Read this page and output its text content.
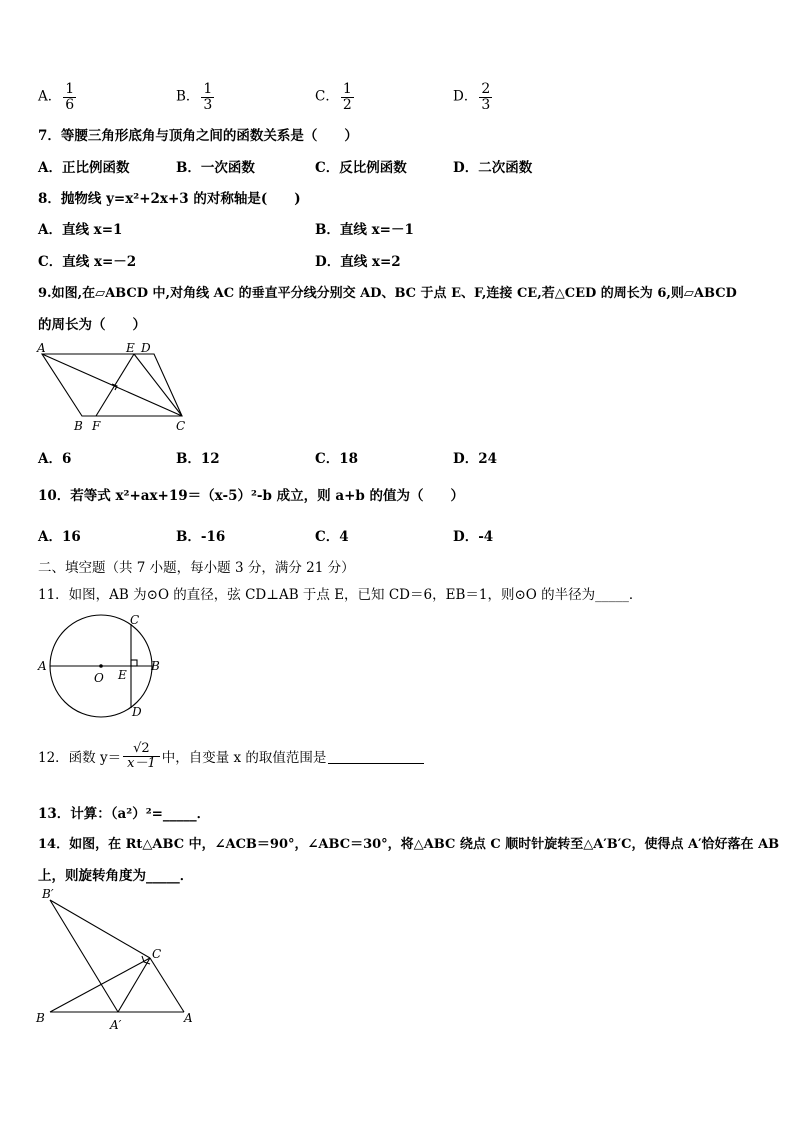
A． $\frac{1}{6}$	B． $\frac{1}{3}$	C． $\frac{1}{2}$	D． $\frac{2}{3}$
7．等腰三角形底角与顶角之间的函数关系是（　　）
A．正比例函数	B．一次函数	C．反比例函数	D．二次函数
8．抛物线 y=x²+2x+3 的对称轴是(　　)
A．直线 x=1	B．直线 x=－1
C．直线 x=－2	D．直线 x=2
9.如图,在▱ABCD 中,对角线 AC 的垂直平分线分别交 AD、BC 于点 E、F,连接 CE,若△CED 的周长为 6,则▱ABCD
的周长为（　　）
A	E D
B F	C
A．6	B．12	C．18	D．24
10．若等式 x²+ax+19＝（x-5）²-b 成立，则 a+b 的值为（　　）
A．16	B．-16	C．4	D．-4
二、填空题（共 7 小题，每小题 3 分，满分 21 分）
11．如图，AB 为⊙O 的直径，弦 CD⊥AB 于点 E，已知 CD＝6，EB＝1，则⊙O 的半径为_____．
A	B
C
D
E
O
12．函数 $y= \frac{√2}{x-1}$ 中，自变量 x 的取值范围是
13．计算：（a²）²=_____．
14．如图，在 Rt△ABC 中，∠ACB＝90°，∠ABC＝30°，将△ABC 绕点 C 顺时针旋转至△A′B′C，使得点 A′恰好落在 AB
上，则旋转角度为_____．
B′
C
B	A′	A
